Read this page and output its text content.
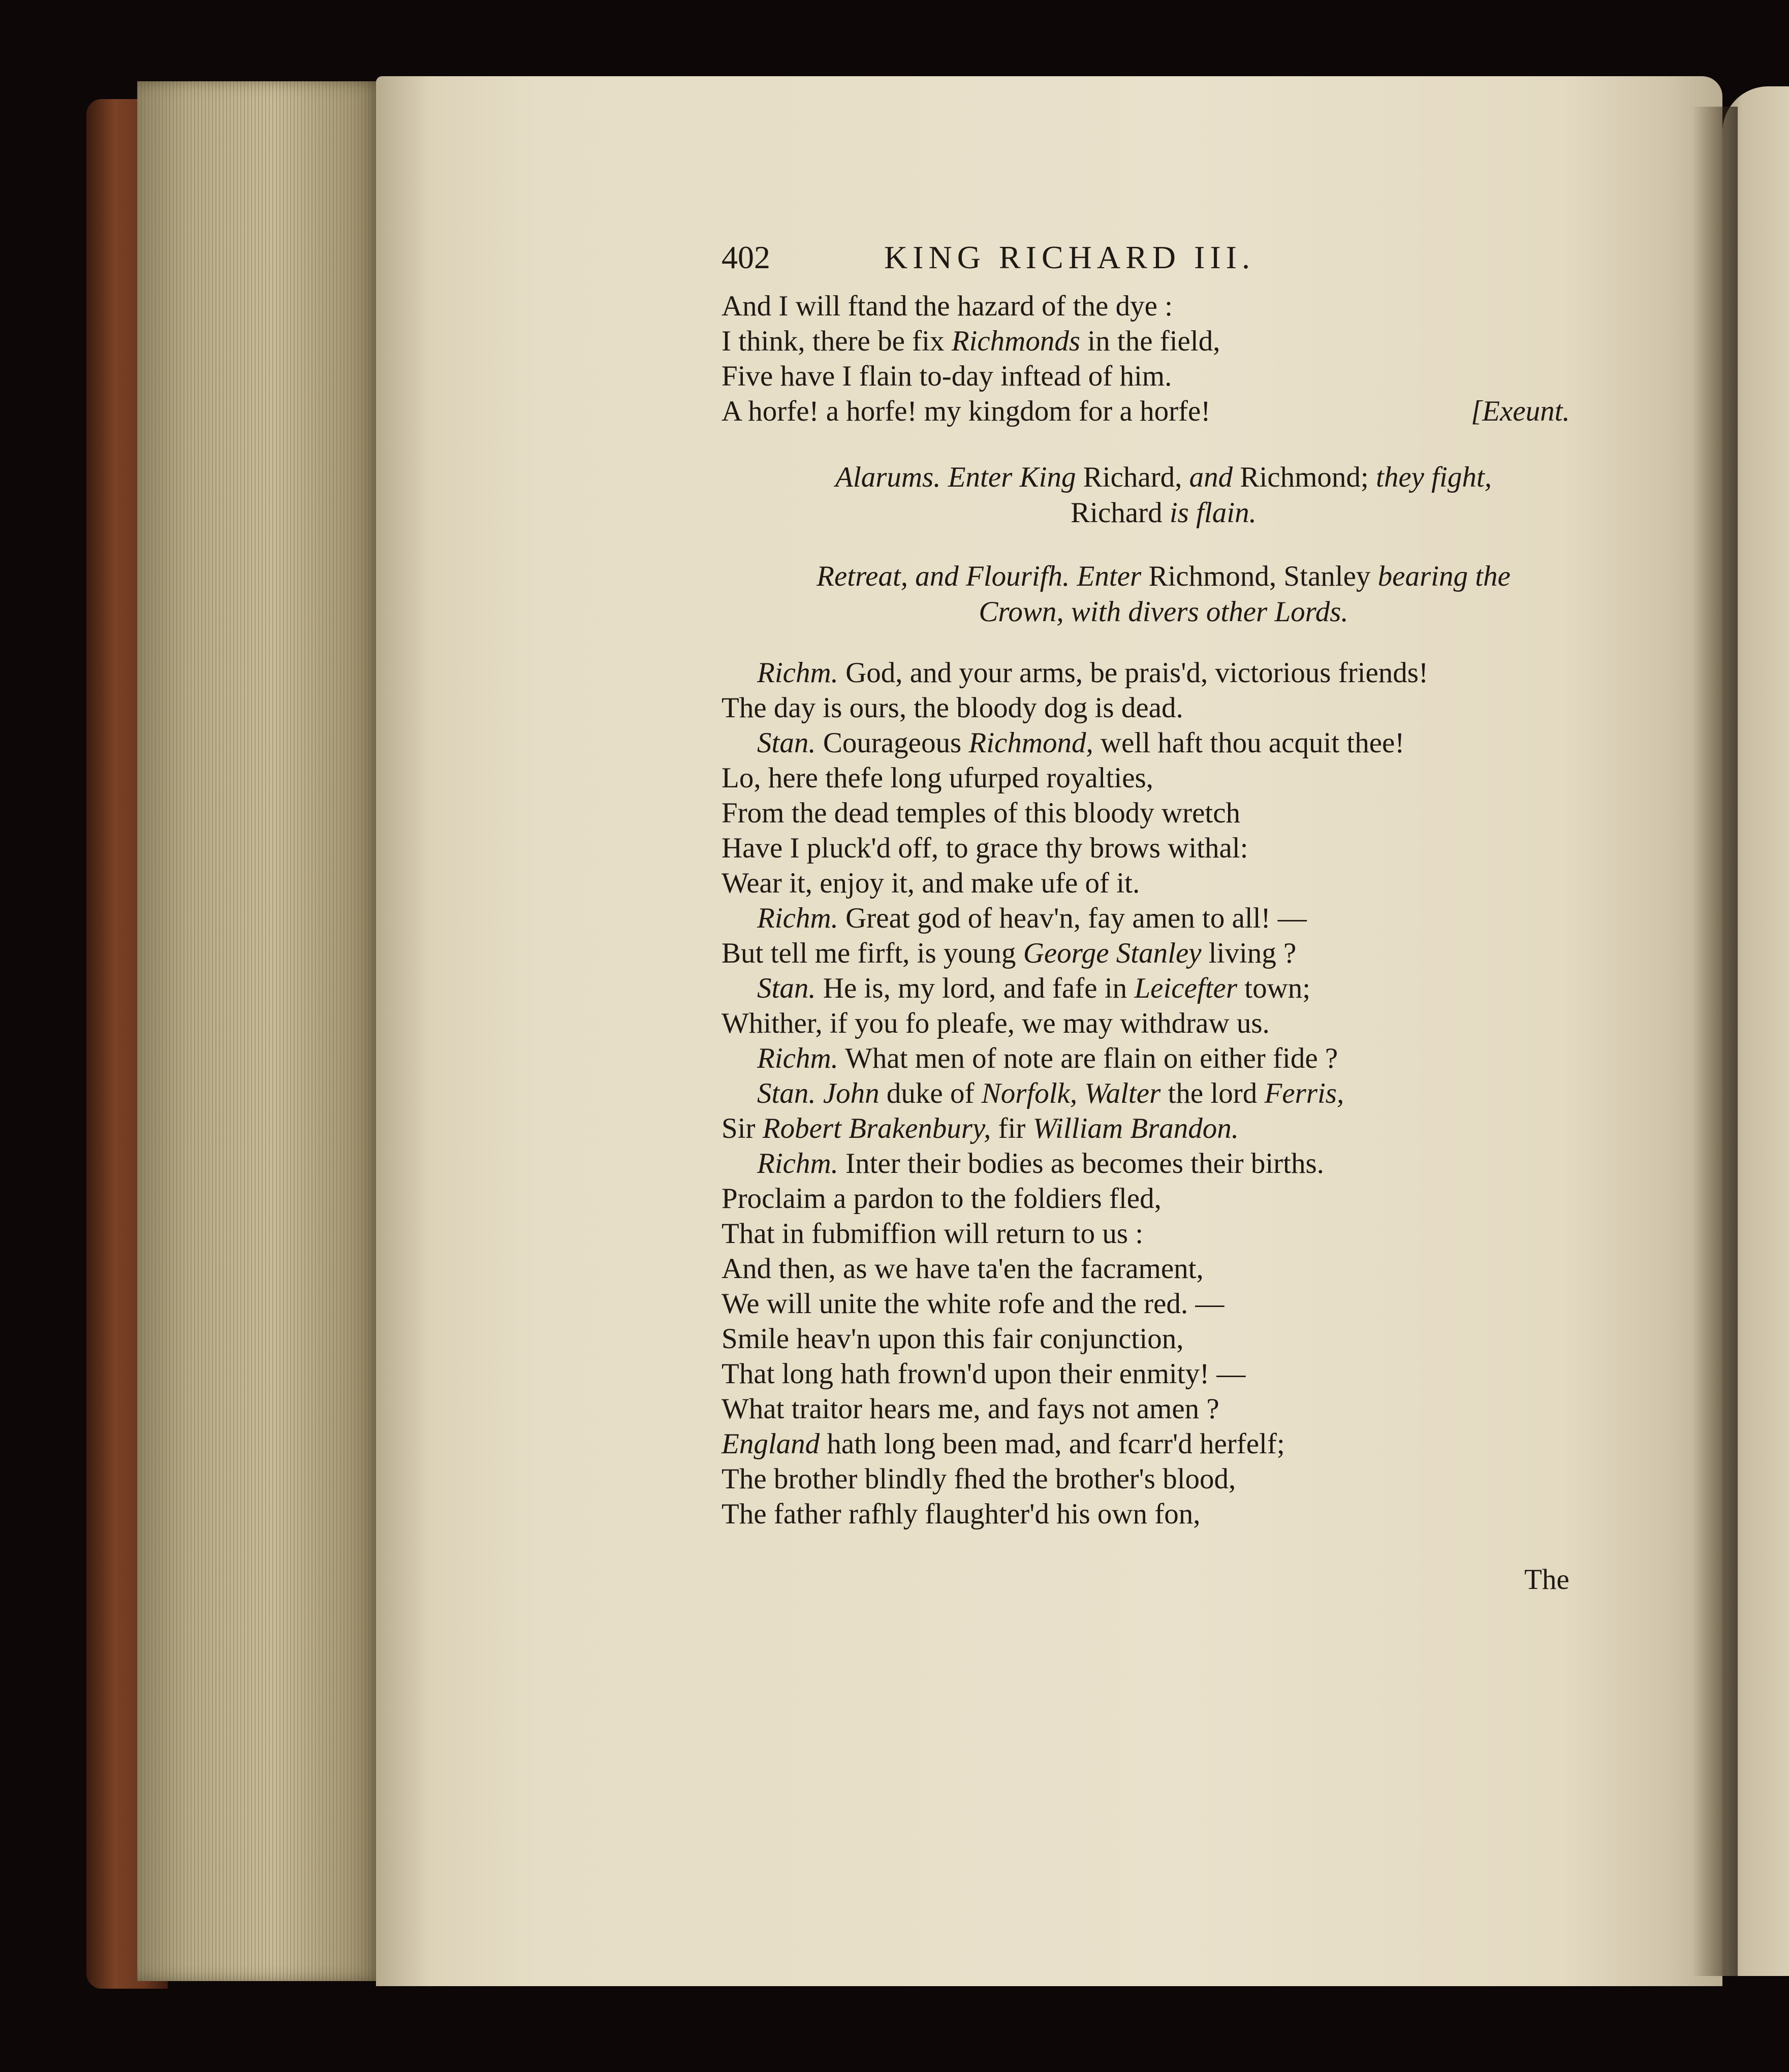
402	KING RICHARD III.
And I will ftand the hazard of the dye :
I think, there be fix Richmonds in the field,
Five have I flain to-day inftead of him.
A horfe! a horfe! my kingdom for a horfe!	[Exeunt.
Alarums. Enter King Richard, and Richmond; they fight,
Richard is flain.
Retreat, and Flourifh. Enter Richmond, Stanley bearing the
Crown, with divers other Lords.
Richm. God, and your arms, be prais'd, victorious friends!
The day is ours, the bloody dog is dead.
Stan. Courageous Richmond, well haft thou acquit thee!
Lo, here thefe long ufurped royalties,
From the dead temples of this bloody wretch
Have I pluck'd off, to grace thy brows withal:
Wear it, enjoy it, and make ufe of it.
Richm. Great god of heav'n, fay amen to all! —
But tell me firft, is young George Stanley living ?
Stan. He is, my lord, and fafe in Leicefter town;
Whither, if you fo pleafe, we may withdraw us.
Richm. What men of note are flain on either fide ?
Stan. John duke of Norfolk, Walter the lord Ferris,
Sir Robert Brakenbury, fir William Brandon.
Richm. Inter their bodies as becomes their births.
Proclaim a pardon to the foldiers fled,
That in fubmiffion will return to us :
And then, as we have ta'en the facrament,
We will unite the white rofe and the red. —
Smile heav'n upon this fair conjunction,
That long hath frown'd upon their enmity! —
What traitor hears me, and fays not amen ?
England hath long been mad, and fcarr'd herfelf;
The brother blindly fhed the brother's blood,
The father rafhly flaughter'd his own fon,
The
